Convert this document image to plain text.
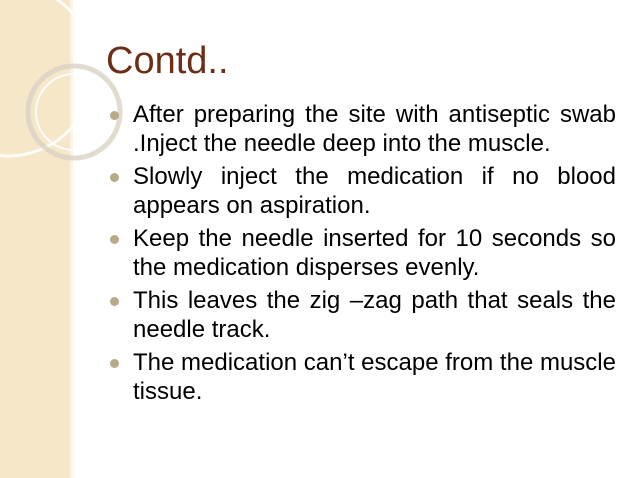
Contd..
After preparing the site with antiseptic swab .Inject the needle deep into the muscle.
Slowly inject the medication if no blood appears on aspiration.
Keep the needle inserted for 10 seconds so the medication disperses evenly.
This leaves the zig –zag path that seals the needle track.
The medication can’t escape from the muscle tissue.
